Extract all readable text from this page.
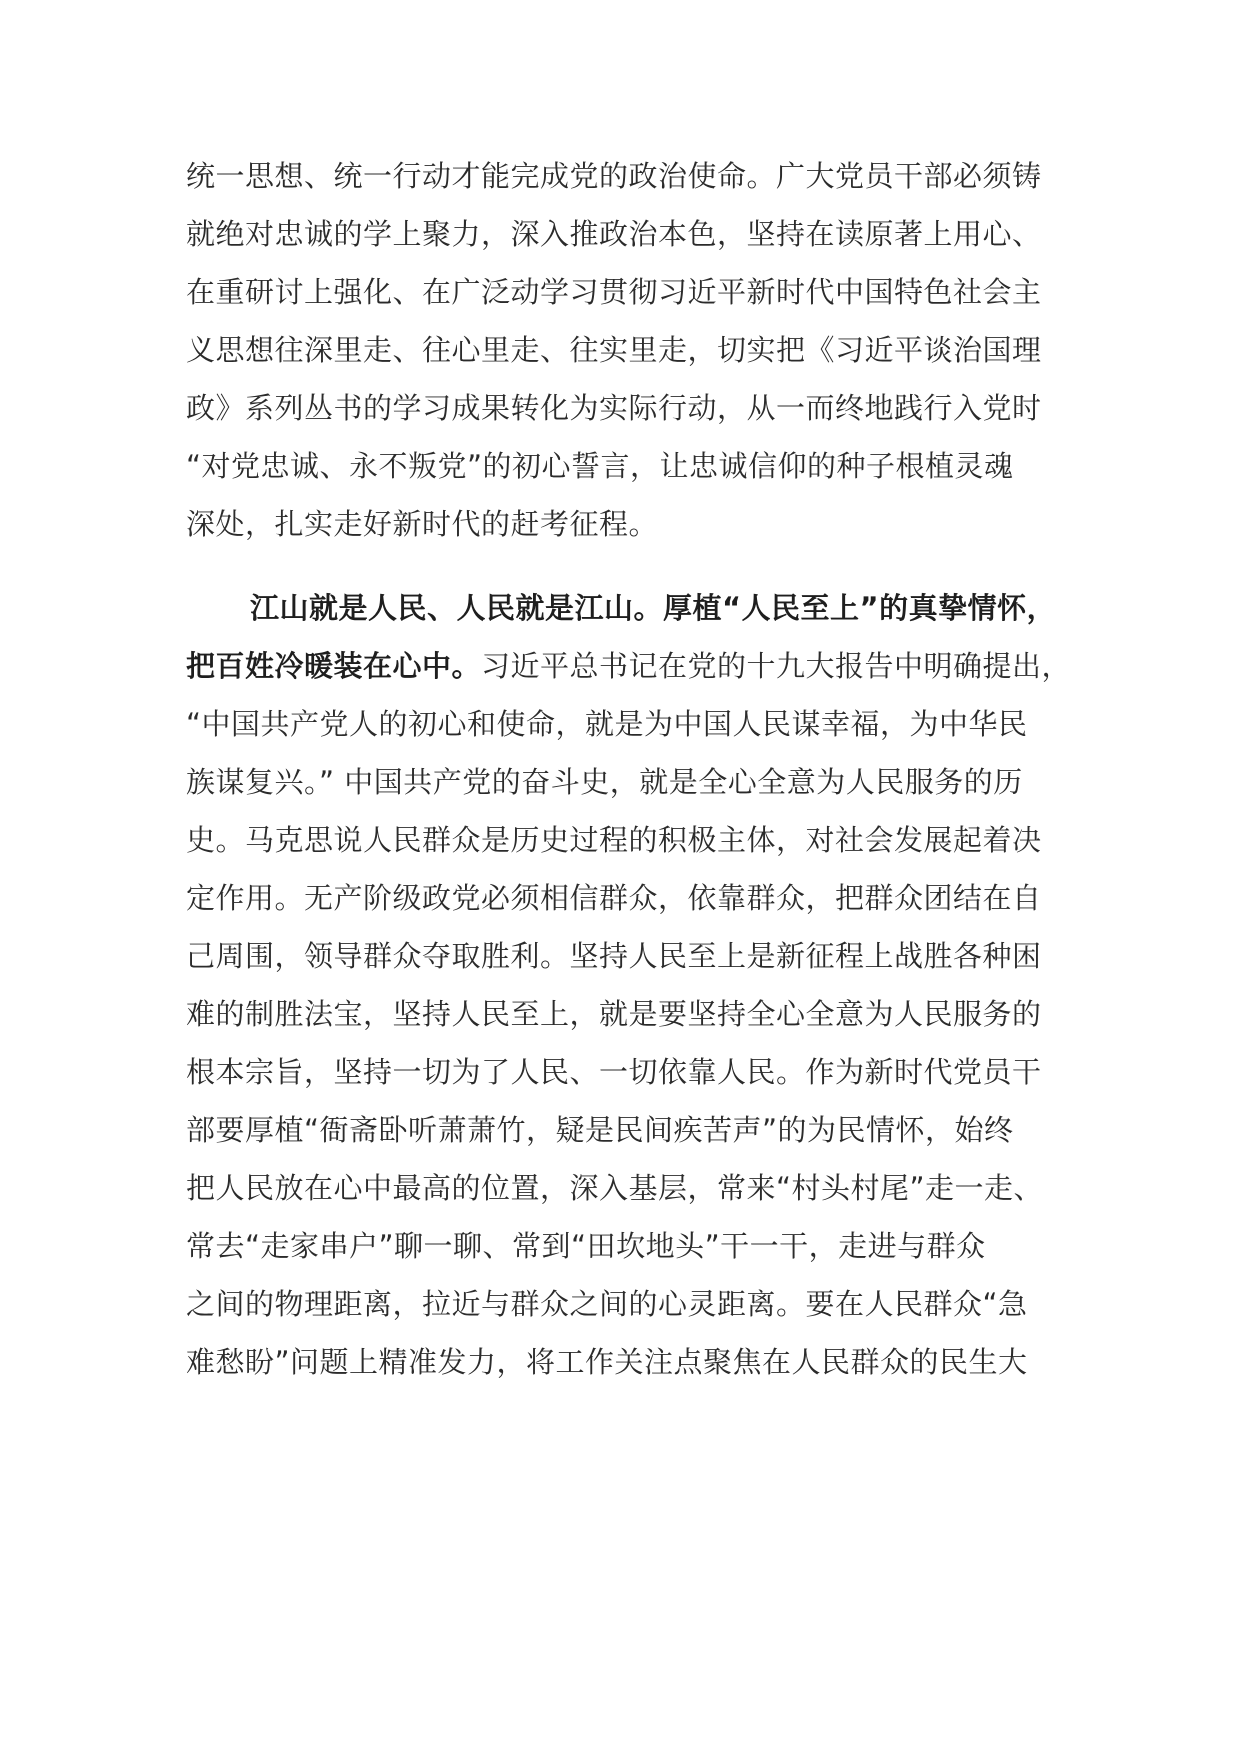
统一思想、统一行动才能完成党的政治使命。广大党员干部必须铸
就绝对忠诚的学上聚力，深入推政治本色，坚持在读原著上用心、
在重研讨上强化、在广泛动学习贯彻习近平新时代中国特色社会主
义思想往深里走、往心里走、往实里走，切实把《习近平谈治国理
政》系列丛书的学习成果转化为实际行动，从一而终地践行入党时
“对党忠诚、永不叛党”的初心誓言，让忠诚信仰的种子根植灵魂
深处，扎实走好新时代的赶考征程。
江山就是人民、人民就是江山。厚植“人民至上”的真挚情怀，
把百姓冷暖装在心中。习近平总书记在党的十九大报告中明确提出，
“中国共产党人的初心和使命，就是为中国人民谋幸福，为中华民
族谋复兴。” 中国共产党的奋斗史，就是全心全意为人民服务的历
史。马克思说人民群众是历史过程的积极主体，对社会发展起着决
定作用。无产阶级政党必须相信群众，依靠群众，把群众团结在自
己周围，领导群众夺取胜利。坚持人民至上是新征程上战胜各种困
难的制胜法宝，坚持人民至上，就是要坚持全心全意为人民服务的
根本宗旨，坚持一切为了人民、一切依靠人民。作为新时代党员干
部要厚植“衙斋卧听萧萧竹，疑是民间疾苦声”的为民情怀，始终
把人民放在心中最高的位置，深入基层，常来“村头村尾”走一走、
常去“走家串户”聊一聊、常到“田坎地头”干一干，走进与群众
之间的物理距离，拉近与群众之间的心灵距离。要在人民群众“急
难愁盼”问题上精准发力，将工作关注点聚焦在人民群众的民生大
